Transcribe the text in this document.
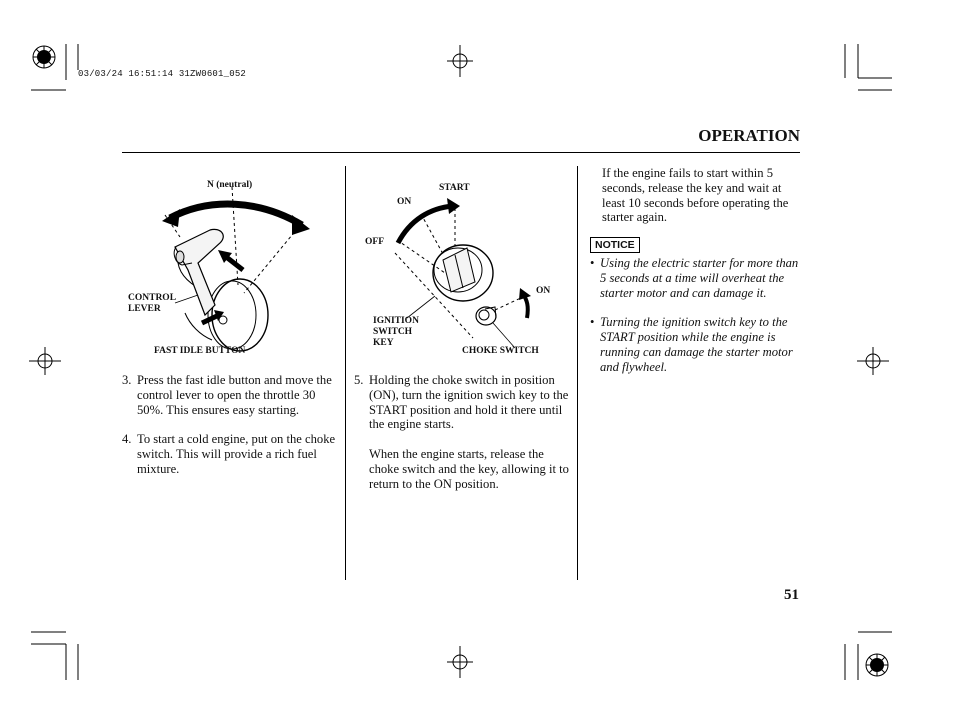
03/03/24 16:51:14 31ZW0601_052
OPERATION
N (neutral)
CONTROL
LEVER
FAST IDLE BUTTON
START
ON
OFF
ON
IGNITION
SWITCH
KEY
CHOKE SWITCH
3. Press the fast idle button and move the control lever to open the throttle 30    50%. This ensures easy starting.
4. To start a cold engine, put on the choke switch. This will provide a rich fuel mixture.
5. Holding the choke switch in position (ON), turn the ignition swich key to the START position and hold it there until the engine starts.
When the engine starts, release the choke switch and the key, allowing it to return to the ON position.
If the engine fails to start within 5 seconds, release the key and wait at least 10 seconds before operating the starter again.
NOTICE
• Using the electric starter for more than 5 seconds at a time will overheat the starter motor and can damage it.
• Turning the ignition switch key to the START position while the engine is running can damage the starter motor and flywheel.
51
